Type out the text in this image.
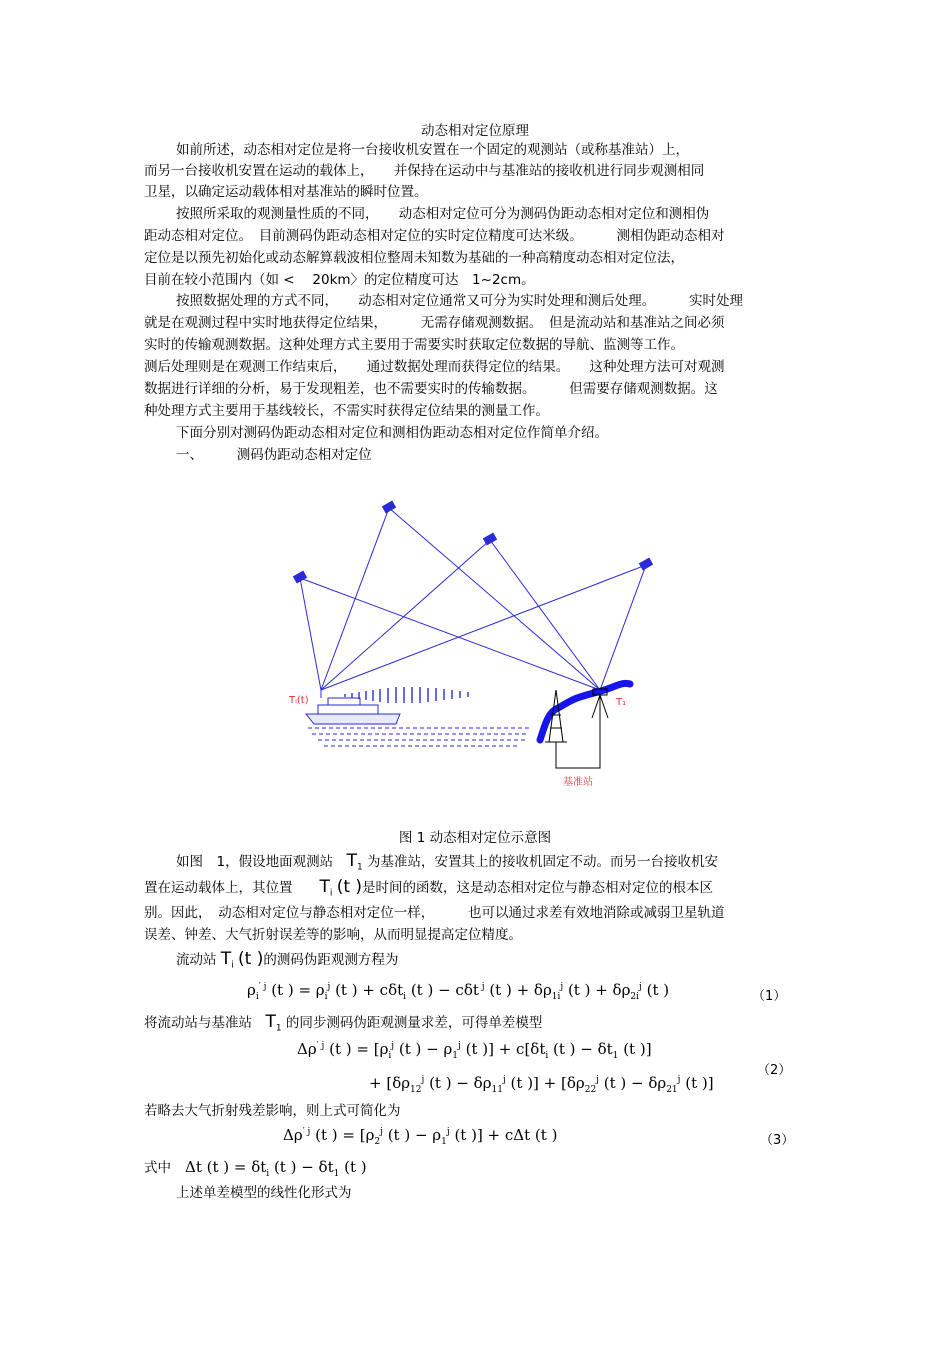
动态相对定位原理
如前所述，动态相对定位是将一台接收机安置在一个固定的观测站（或称基准站）上，
而另一台接收机安置在运动的载体上，　　并保持在运动中与基准站的接收机进行同步观测相同
卫星，以确定运动载体相对基准站的瞬时位置。
按照所采取的观测量性质的不同，　　动态相对定位可分为测码伪距动态相对定位和测相伪
距动态相对定位。　目前测码伪距动态相对定位的实时定位精度可达米级。　　　测相伪距动态相对
定位是以预先初始化或动态解算载波相位整周未知数为基础的一种高精度动态相对定位法，
目前在较小范围内（如 <　 20km〉的定位精度可达　1~2cm。
按照数据处理的方式不同，　　动态相对定位通常又可分为实时处理和测后处理。　　　实时处理
就是在观测过程中实时地获得定位结果，　　　无需存储观测数据。　但是流动站和基准站之间必须
实时的传输观测数据。这种处理方式主要用于需要实时获取定位数据的导航、监测等工作。
测后处理则是在观测工作结束后，　　通过数据处理而获得定位的结果。　　这种处理方法可对观测
数据进行详细的分析，易于发现粗差，也不需要实时的传输数据。　　　但需要存储观测数据。这
种处理方式主要用于基线较长，不需实时获得定位结果的测量工作。
下面分别对测码伪距动态相对定位和测相伪距动态相对定位作简单介绍。
一、　　　测码伪距动态相对定位
Tᵢ(t)	T₁
基准站
图 1 动态相对定位示意图
如图　1，假设地面观测站　$T_1$ 为基准站，安置其上的接收机固定不动。而另一台接收机安
置在运动载体上，其位置　　$T_i$ (t )是时间的函数，这是动态相对定位与静态相对定位的根本区
别。因此，　动态相对定位与静态相对定位一样，　　　也可以通过求差有效地消除或减弱卫星轨道
误差、钟差、大气折射误差等的影响，从而明显提高定位精度。
流动站 $T_i$ (t )的测码伪距观测方程为
$\rho_i^{' j}$ (t ) = $\rho_i^j$ (t ) + cδt$_i$ (t ) − cδt $^j$ (t ) + $\delta\rho_{1i}^j$ (t ) + $\delta\rho_{2i}^j$ (t )	（1）
将流动站与基准站　$T_1$ 的同步测码伪距观测量求差，可得单差模型
$\Delta\rho^{' j}$ (t ) = [$\rho_i^j$ (t ) − $\rho_1^j$ (t )] + $c[\delta t_i$ (t ) − $\delta t_1$ (t )]
+ [$\delta\rho_{12}^j$ (t ) − $\delta\rho_{11}^j$ (t )] + [$\delta\rho_{22}^j$ (t ) − $\delta\rho_{21}^j$ (t )]
（2）
若略去大气折射残差影响，则上式可简化为
$\Delta\rho^{' j}$ (t ) = [$\rho_2^j$ (t ) − $\rho_1^j$ (t )] + cΔt (t )	（3）
式中 Δt (t ) = $\delta t_i$ (t ) − $\delta t_1$ (t )
上述单差模型的线性化形式为
